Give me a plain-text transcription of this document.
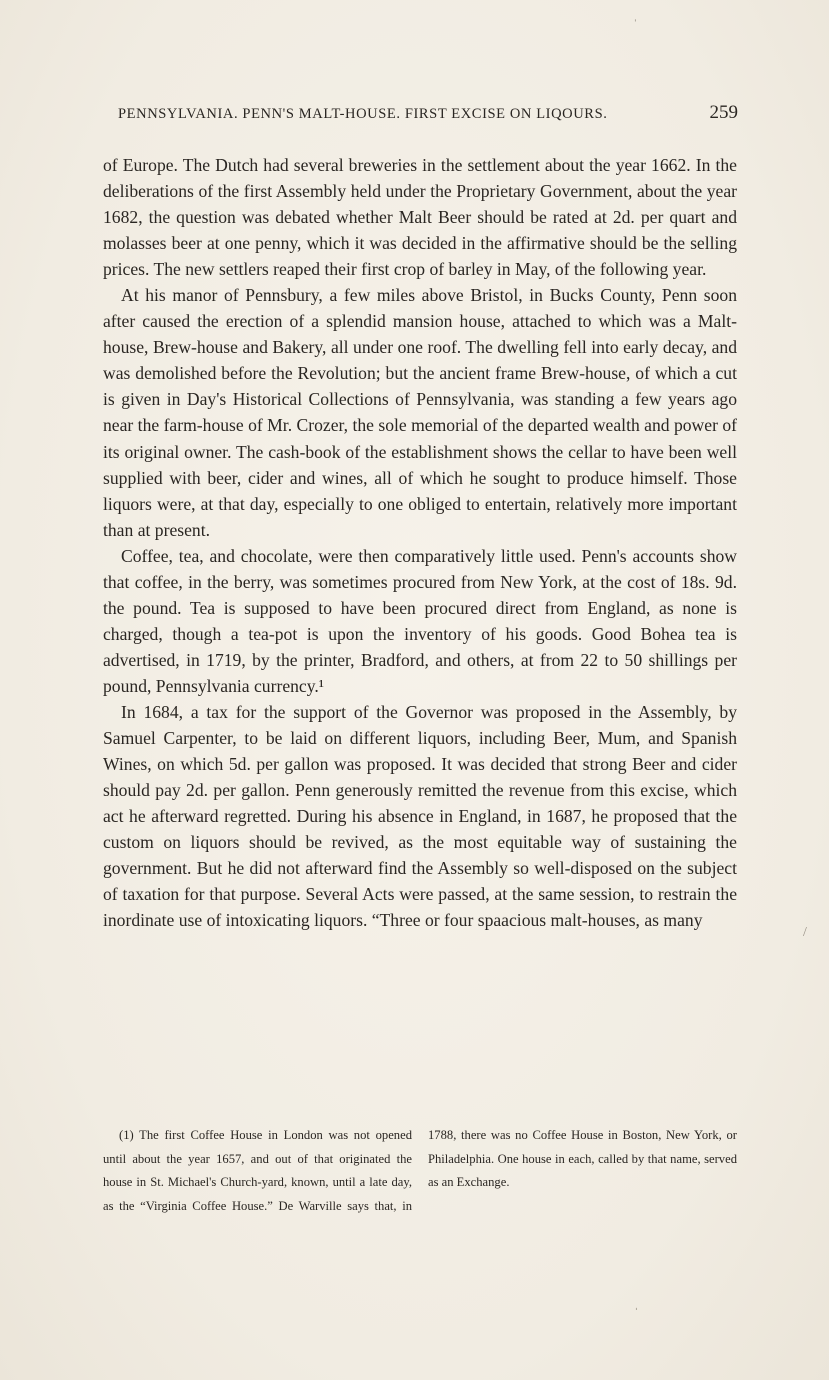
PENNSYLVANIA. PENN'S MALT-HOUSE. FIRST EXCISE ON LIQOURS.	259

of Europe. The Dutch had several breweries in the settlement about the year 1662. In the deliberations of the first Assembly held under the Proprietary Government, about the year 1682, the question was debated whether Malt Beer should be rated at 2d. per quart and molasses beer at one penny, which it was decided in the affirmative should be the selling prices. The new settlers reaped their first crop of barley in May, of the following year.

At his manor of Pennsbury, a few miles above Bristol, in Bucks County, Penn soon after caused the erection of a splendid mansion house, attached to which was a Malt-house, Brew-house and Bakery, all under one roof. The dwelling fell into early decay, and was demolished before the Revolution; but the ancient frame Brew-house, of which a cut is given in Day's Historical Collections of Pennsylvania, was standing a few years ago near the farm-house of Mr. Crozer, the sole memorial of the departed wealth and power of its original owner. The cash-book of the establishment shows the cellar to have been well supplied with beer, cider and wines, all of which he sought to produce himself. Those liquors were, at that day, especially to one obliged to entertain, relatively more important than at present.

Coffee, tea, and chocolate, were then comparatively little used. Penn's accounts show that coffee, in the berry, was sometimes procured from New York, at the cost of 18s. 9d. the pound. Tea is supposed to have been procured direct from England, as none is charged, though a tea-pot is upon the inventory of his goods. Good Bohea tea is advertised, in 1719, by the printer, Bradford, and others, at from 22 to 50 shillings per pound, Pennsylvania currency.¹

In 1684, a tax for the support of the Governor was proposed in the Assembly, by Samuel Carpenter, to be laid on different liquors, including Beer, Mum, and Spanish Wines, on which 5d. per gallon was proposed. It was decided that strong Beer and cider should pay 2d. per gallon. Penn generously remitted the revenue from this excise, which act he afterward regretted. During his absence in England, in 1687, he proposed that the custom on liquors should be revived, as the most equitable way of sustaining the government. But he did not afterward find the Assembly so well-disposed on the subject of taxation for that purpose. Several Acts were passed, at the same session, to restrain the inordinate use of intoxicating liquors. “Three or four spaacious malt-houses, as many

(1) The first Coffee House in London was not opened until about the year 1657, and out of that originated the house in St. Michael's Church-yard, known, until a late day, as the “Virginia Coffee House.” De Warville says that, in 1788, there was no Coffee House in Boston, New York, or Philadelphia. One house in each, called by that name, served as an Exchange.

ˈ
/
ˌ
